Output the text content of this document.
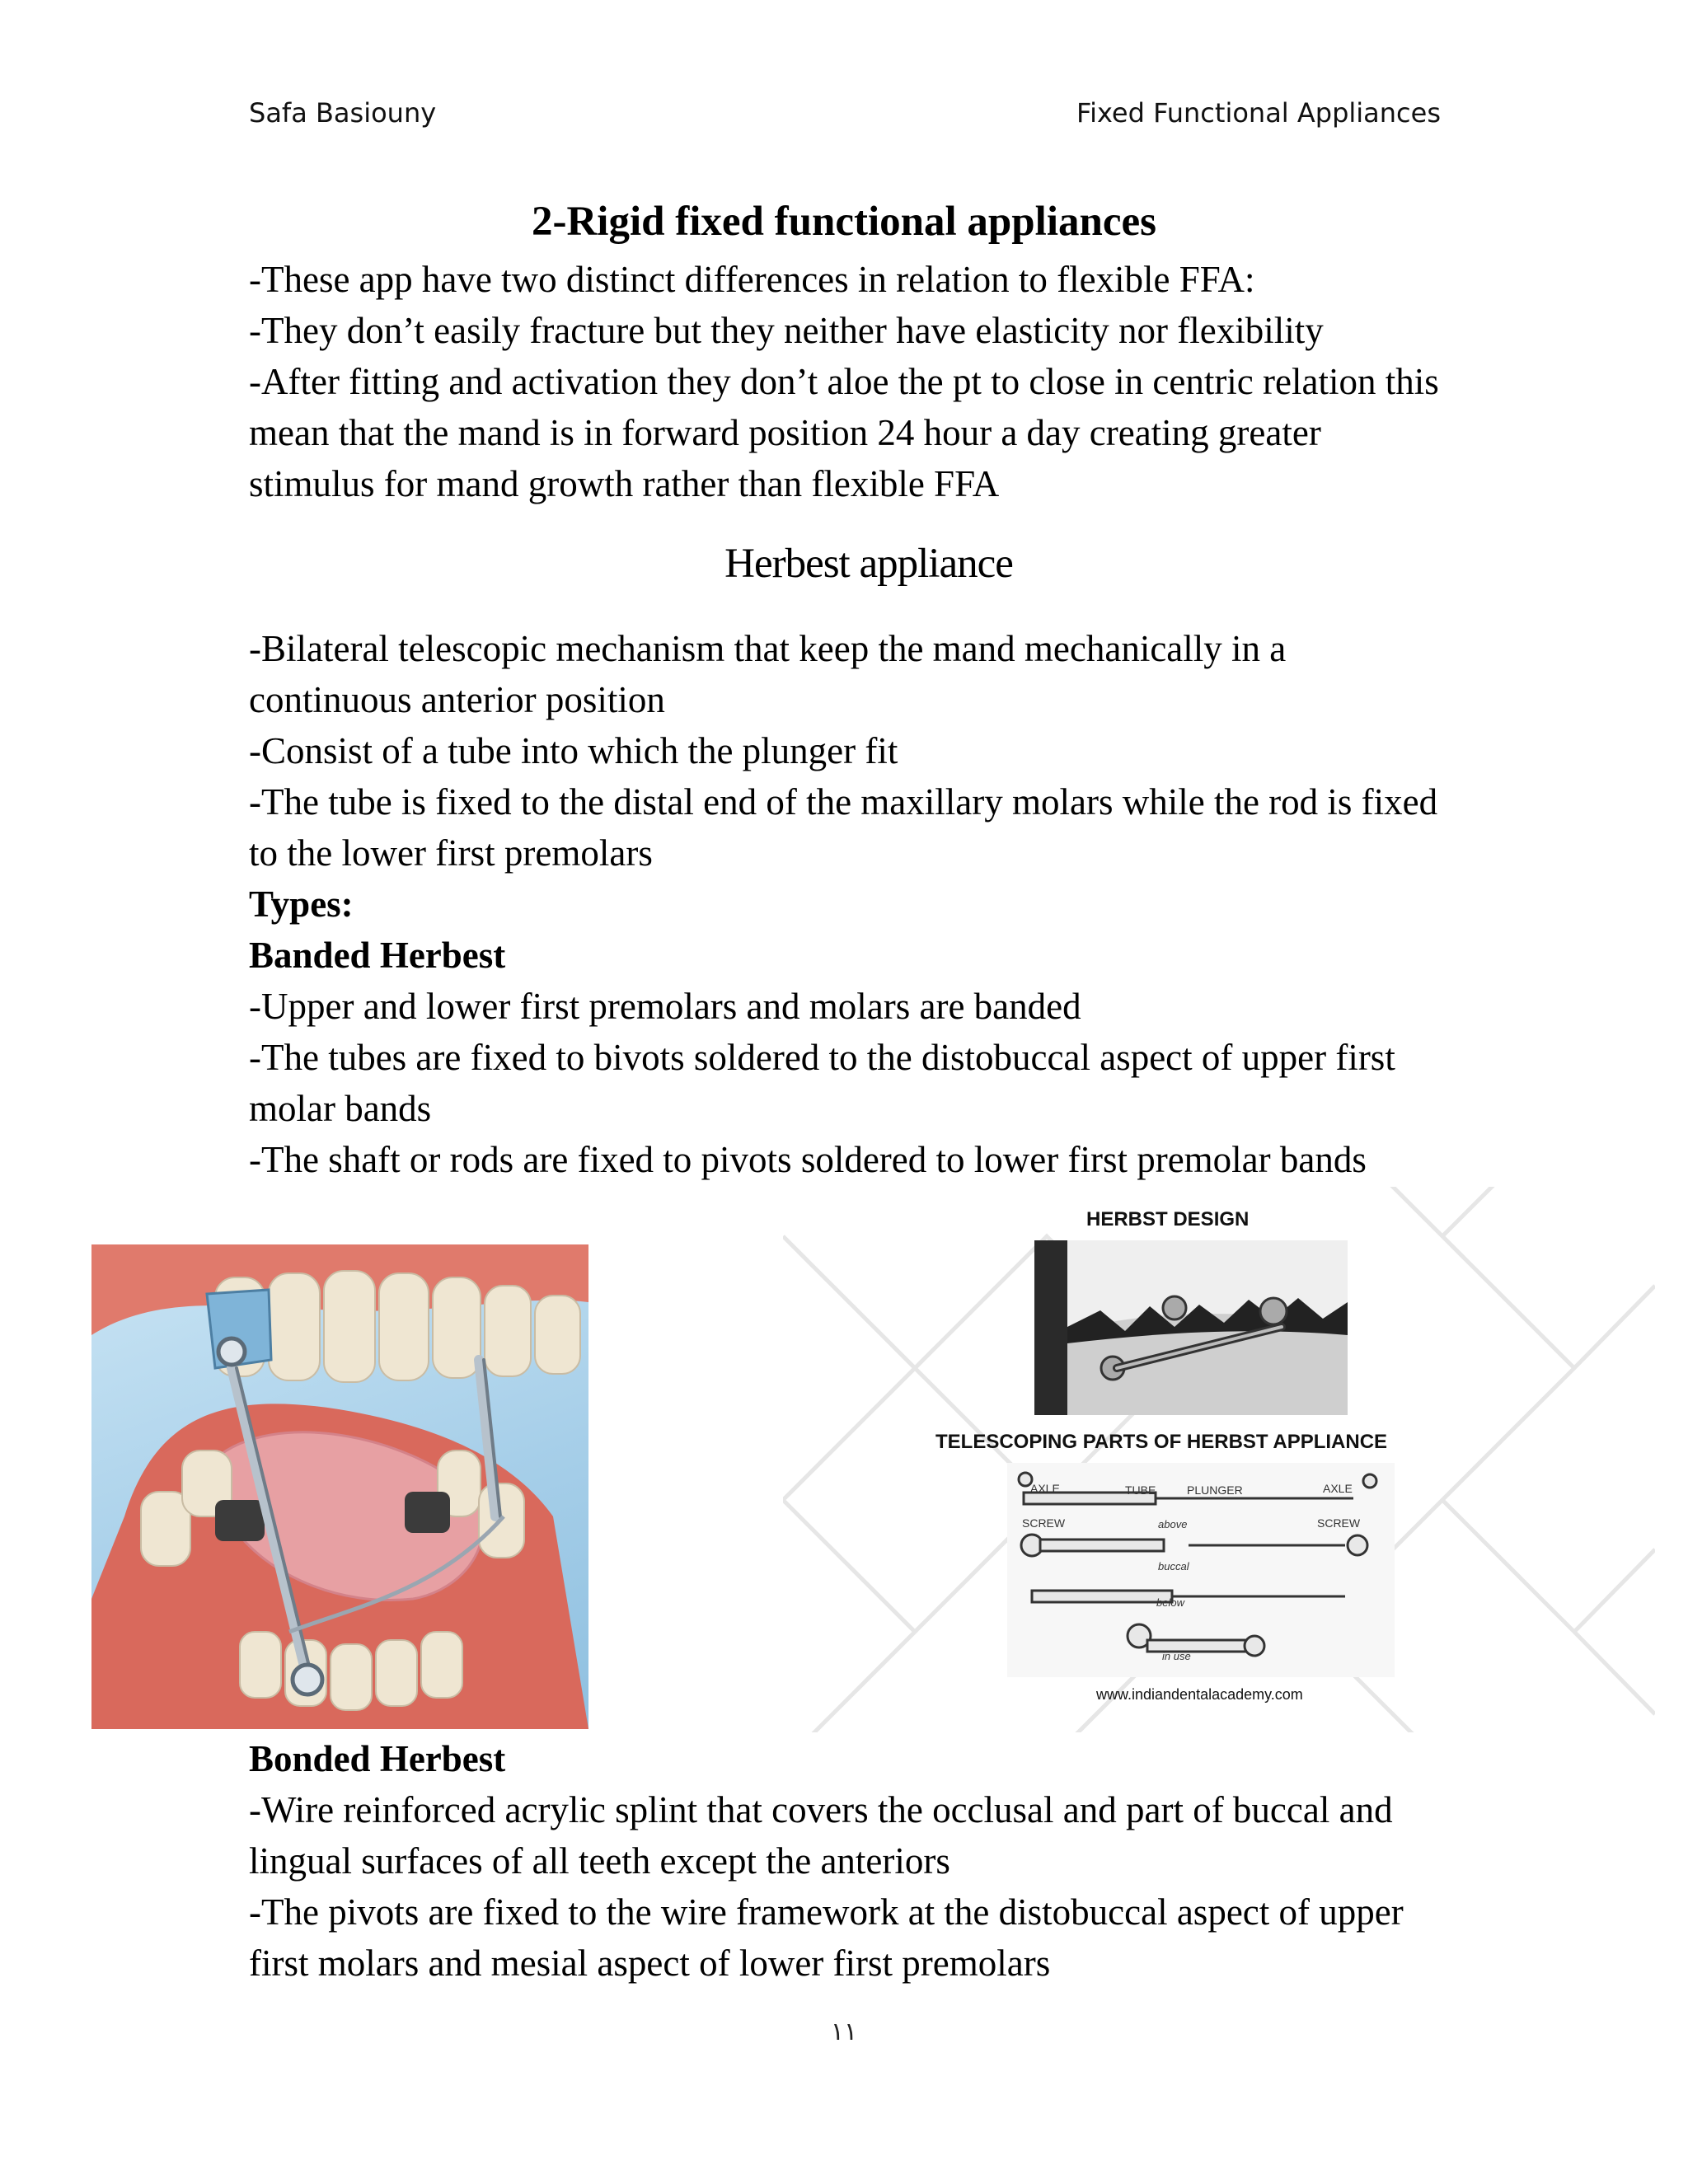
Safa Basiouny	Fixed Functional Appliances
2-Rigid fixed functional appliances

-These app have two distinct differences in relation to flexible FFA:

-They don’t easily fracture but they neither have elasticity nor flexibility

-After fitting and activation they don’t aloe the pt to close in centric relation this mean that the mand is in forward position 24 hour a day creating greater stimulus for mand growth rather than flexible FFA

Herbest appliance

-Bilateral telescopic mechanism that keep the mand mechanically in a continuous anterior position

-Consist of a tube into which the plunger fit

-The tube is fixed to the distal end of the maxillary molars while the rod is fixed to the lower first premolars

Types:

Banded Herbest

-Upper and lower first premolars and molars are banded

-The tubes are fixed to bivots soldered to the distobuccal aspect of upper first molar bands

-The shaft or rods are fixed to pivots soldered to lower first premolar bands

HERBST DESIGN
TELESCOPING PARTS OF HERBST APPLIANCE
AXLE	TUBE	PLUNGER	AXLE
SCREW	above	SCREW
buccal
below
in use
www.indiandentalacademy.com

Bonded Herbest

-Wire reinforced acrylic splint that covers the occlusal and part of buccal and lingual surfaces of all teeth except the anteriors

-The pivots are fixed to the wire framework at the distobuccal aspect of upper first molars and mesial aspect of lower first premolars

١١
